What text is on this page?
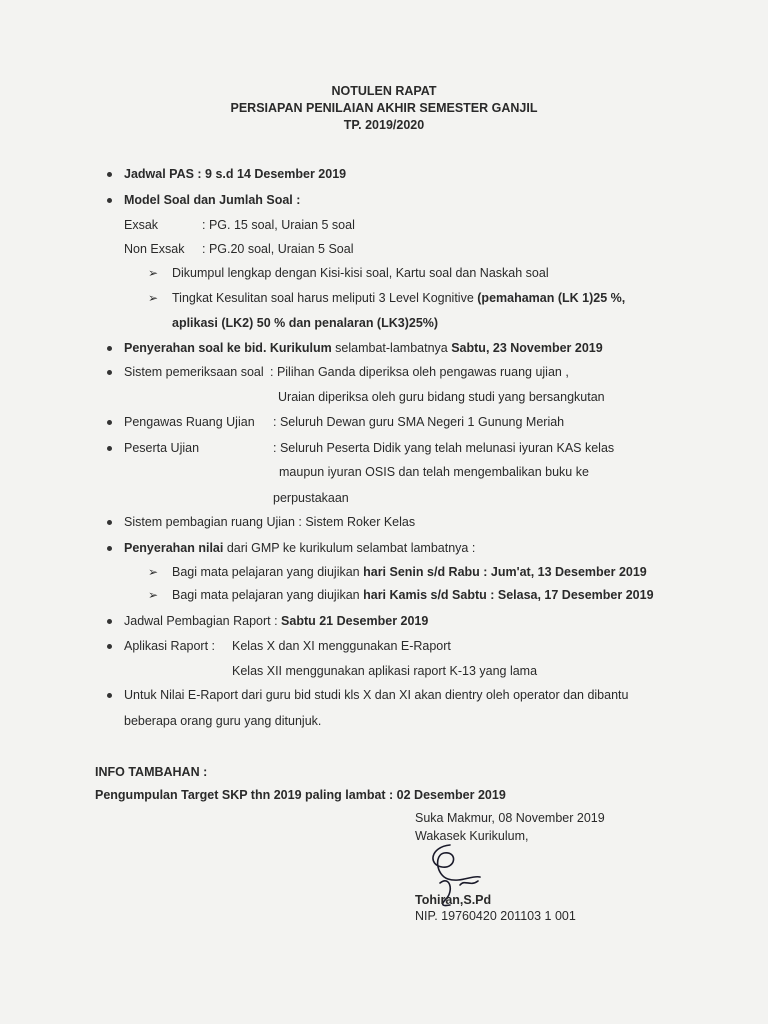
NOTULEN RAPAT
PERSIAPAN PENILAIAN AKHIR SEMESTER GANJIL
TP. 2019/2020
Jadwal PAS : 9 s.d 14 Desember 2019
Model Soal dan Jumlah Soal :
Exsak	: PG. 15 soal, Uraian 5 soal
Non Exsak : PG.20 soal, Uraian 5 Soal
➢ Dikumpul lengkap dengan Kisi-kisi soal, Kartu soal dan Naskah soal
➢ Tingkat Kesulitan soal harus meliputi 3 Level Kognitive (pemahaman (LK 1)25 %,
aplikasi (LK2) 50 % dan penalaran (LK3)25%)
Penyerahan soal ke bid. Kurikulum selambat-lambatnya Sabtu, 23 November 2019
Sistem pemeriksaan soal : Pilihan Ganda diperiksa oleh pengawas ruang ujian ,
Uraian diperiksa oleh guru bidang studi yang bersangkutan
Pengawas Ruang Ujian : Seluruh Dewan guru SMA Negeri 1 Gunung Meriah
Peserta Ujian	: Seluruh Peserta Didik yang telah melunasi iyuran KAS kelas
maupun iyuran OSIS dan telah mengembalikan buku ke
perpustakaan
Sistem pembagian ruang Ujian : Sistem Roker Kelas
Penyerahan nilai dari GMP ke kurikulum selambat lambatnya :
➢ Bagi mata pelajaran yang diujikan hari Senin s/d Rabu : Jum'at, 13 Desember 2019
➢ Bagi mata pelajaran yang diujikan hari Kamis s/d Sabtu : Selasa, 17 Desember 2019
Jadwal Pembagian Raport : Sabtu 21 Desember 2019
Aplikasi Raport : Kelas X dan XI menggunakan E-Raport
Kelas XII menggunakan aplikasi raport K-13 yang lama
Untuk Nilai E-Raport dari guru bid studi kls X dan XI akan dientry oleh operator dan dibantu
beberapa orang guru yang ditunjuk.
INFO TAMBAHAN :
Pengumpulan Target SKP thn 2019 paling lambat : 02 Desember 2019
Suka Makmur, 08 November 2019
Wakasek Kurikulum,
Tohiran,S.Pd
NIP. 19760420 201103 1 001
